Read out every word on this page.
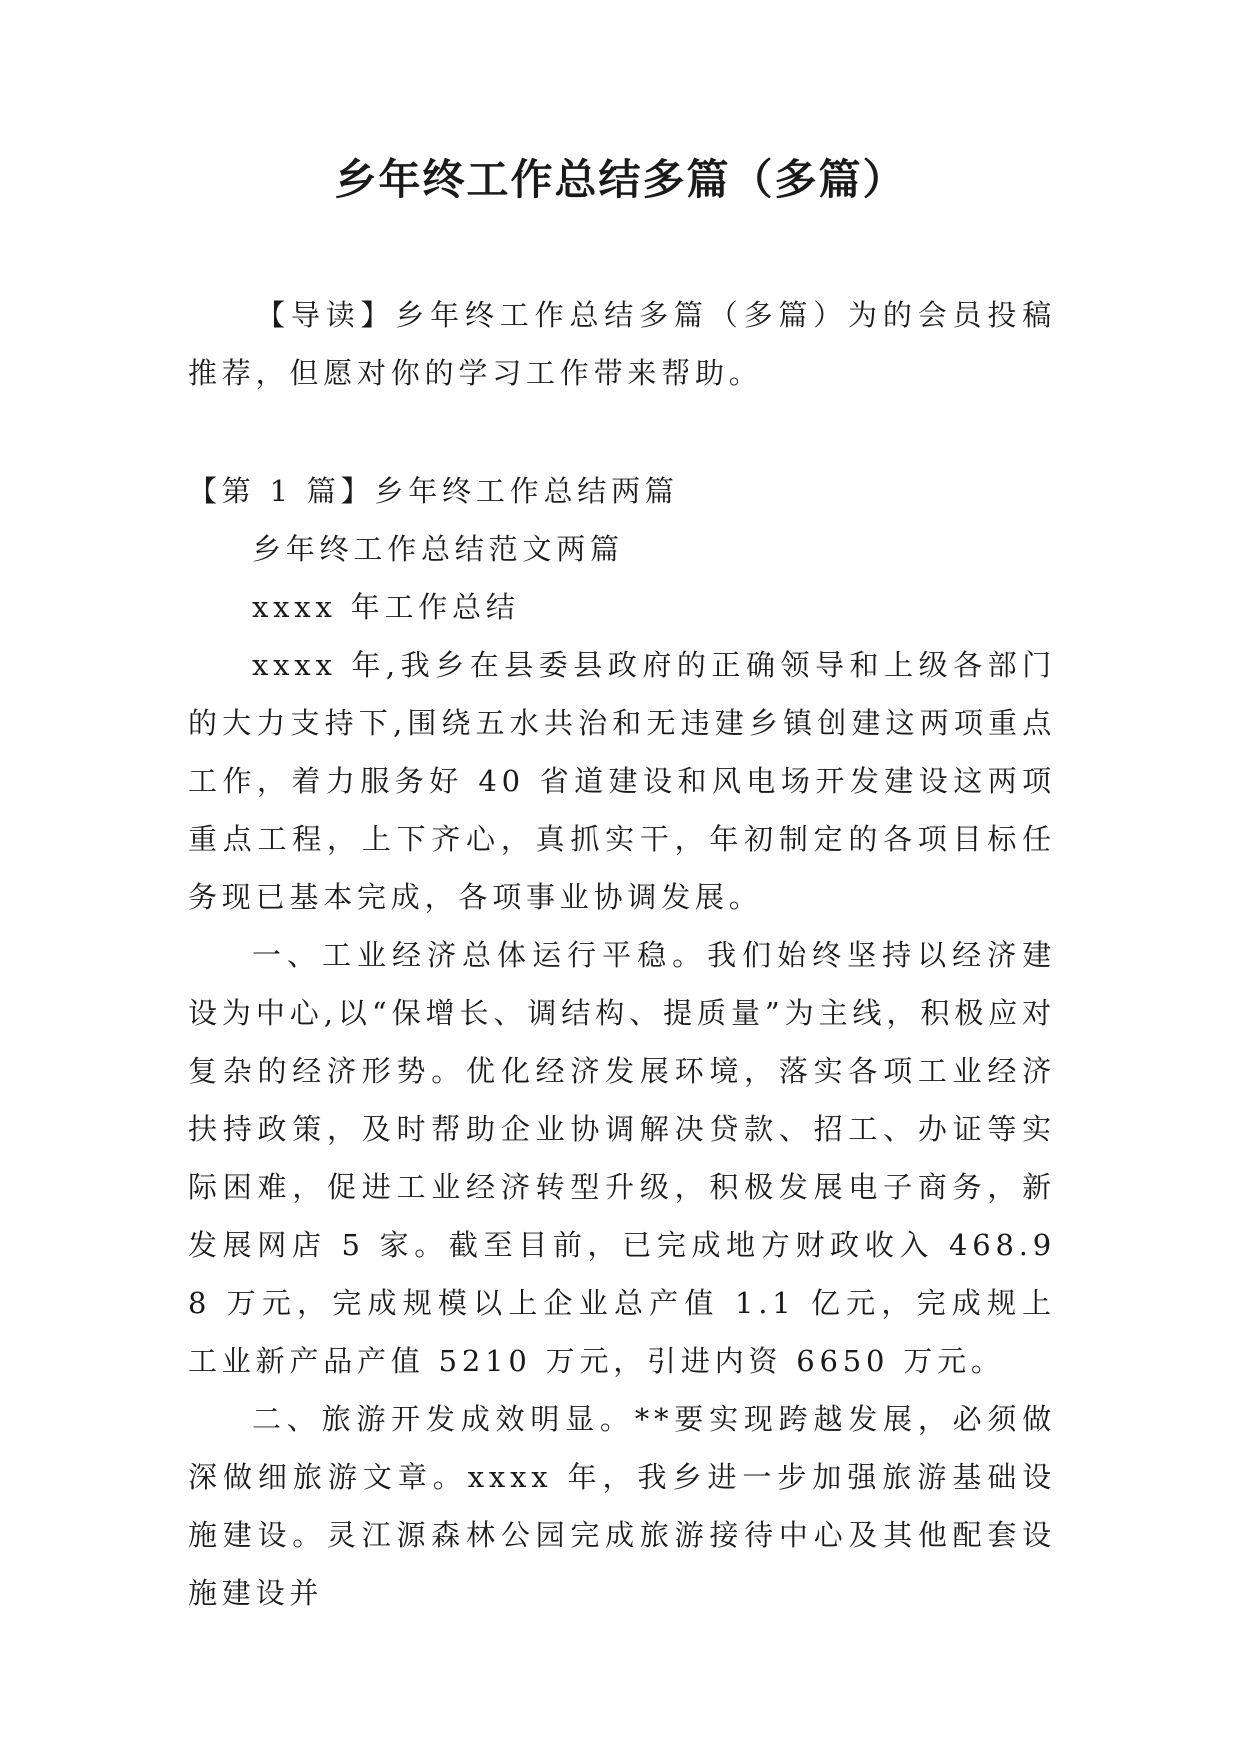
乡年终工作总结多篇（多篇）

【导读】乡年终工作总结多篇（多篇）为的会员投稿推荐，但愿对你的学习工作带来帮助。

【第 1 篇】乡年终工作总结两篇

乡年终工作总结范文两篇

xxxx 年工作总结

xxxx 年,我乡在县委县政府的正确领导和上级各部门的大力支持下,围绕五水共治和无违建乡镇创建这两项重点工作，着力服务好 40 省道建设和风电场开发建设这两项重点工程，上下齐心，真抓实干，年初制定的各项目标任务现已基本完成，各项事业协调发展。

一、工业经济总体运行平稳。我们始终坚持以经济建设为中心,以“保增长、调结构、提质量”为主线，积极应对复杂的经济形势。优化经济发展环境，落实各项工业经济扶持政策，及时帮助企业协调解决贷款、招工、办证等实际困难，促进工业经济转型升级，积极发展电子商务，新发展网店 5 家。截至目前，已完成地方财政收入 468.98 万元，完成规模以上企业总产值 1.1 亿元，完成规上工业新产品产值 5210 万元，引进内资 6650 万元。

二、旅游开发成效明显。**要实现跨越发展，必须做深做细旅游文章。xxxx 年，我乡进一步加强旅游基础设施建设。灵江源森林公园完成旅游接待中心及其他配套设施建设并
